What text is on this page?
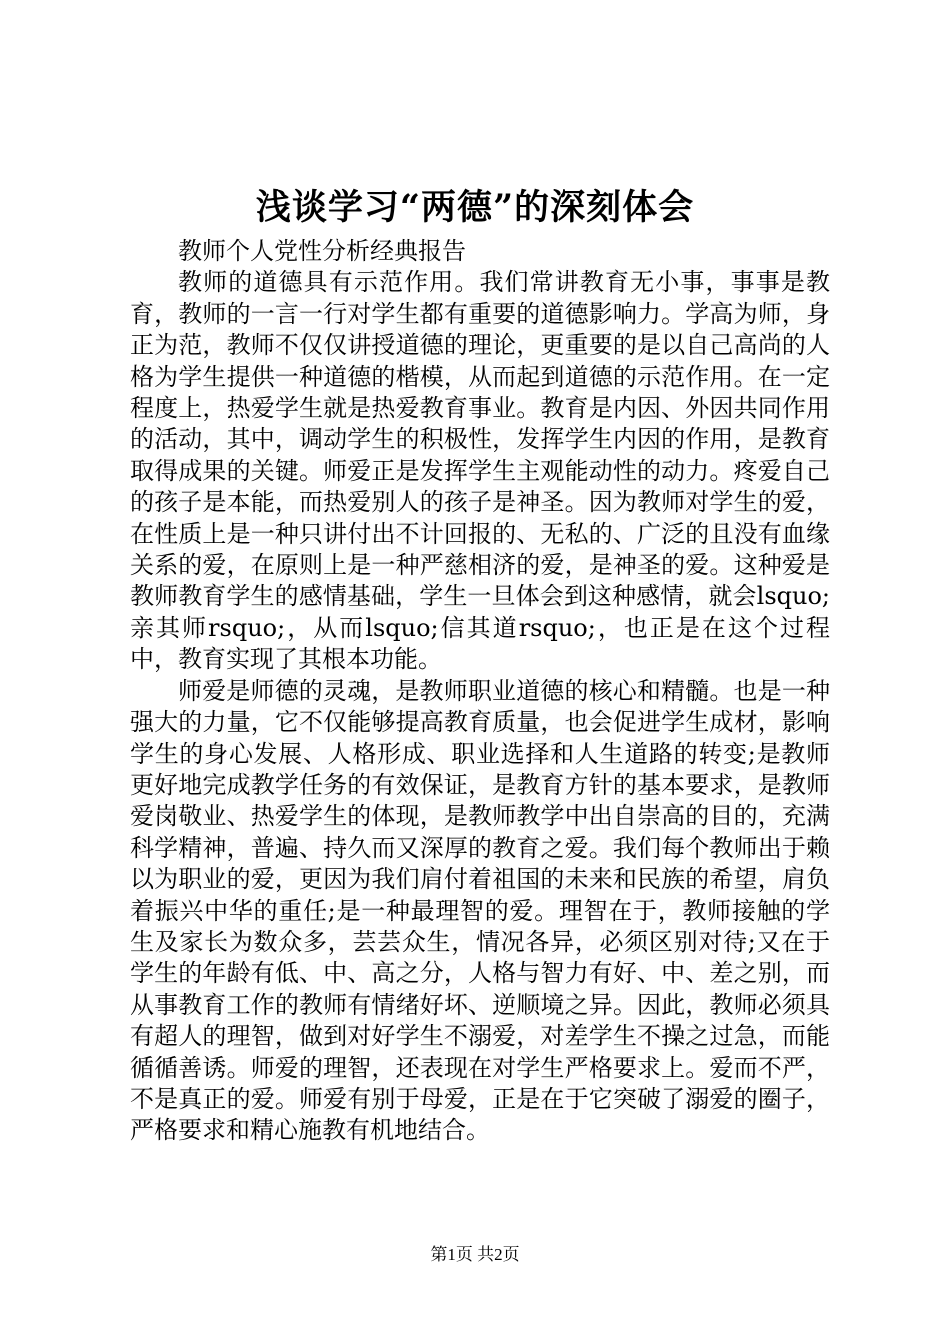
浅谈学习“两德”的深刻体会

教师个人党性分析经典报告

教师的道德具有示范作用。我们常讲教育无小事，事事是教育，教师的一言一行对学生都有重要的道德影响力。学高为师，身正为范，教师不仅仅讲授道德的理论，更重要的是以自己高尚的人格为学生提供一种道德的楷模，从而起到道德的示范作用。在一定程度上，热爱学生就是热爱教育事业。教育是内因、外因共同作用的活动，其中，调动学生的积极性，发挥学生内因的作用，是教育取得成果的关键。师爱正是发挥学生主观能动性的动力。疼爱自己的孩子是本能，而热爱别人的孩子是神圣。因为教师对学生的爱，在性质上是一种只讲付出不计回报的、无私的、广泛的且没有血缘关系的爱，在原则上是一种严慈相济的爱，是神圣的爱。这种爱是教师教育学生的感情基础，学生一旦体会到这种感情，就会lsquo;亲其师rsquo;，从而lsquo;信其道rsquo;，也正是在这个过程中，教育实现了其根本功能。

师爱是师德的灵魂，是教师职业道德的核心和精髓。也是一种强大的力量，它不仅能够提高教育质量，也会促进学生成材，影响学生的身心发展、人格形成、职业选择和人生道路的转变;是教师更好地完成教学任务的有效保证，是教育方针的基本要求，是教师爱岗敬业、热爱学生的体现，是教师教学中出自崇高的目的，充满科学精神，普遍、持久而又深厚的教育之爱。我们每个教师出于赖以为职业的爱，更因为我们肩付着祖国的未来和民族的希望，肩负着振兴中华的重任;是一种最理智的爱。理智在于，教师接触的学生及家长为数众多，芸芸众生，情况各异，必须区别对待;又在于学生的年龄有低、中、高之分，人格与智力有好、中、差之别，而从事教育工作的教师有情绪好坏、逆顺境之异。因此，教师必须具有超人的理智，做到对好学生不溺爱，对差学生不操之过急，而能循循善诱。师爱的理智，还表现在对学生严格要求上。爱而不严，不是真正的爱。师爱有别于母爱，正是在于它突破了溺爱的圈子，严格要求和精心施教有机地结合。

第1页 共2页
